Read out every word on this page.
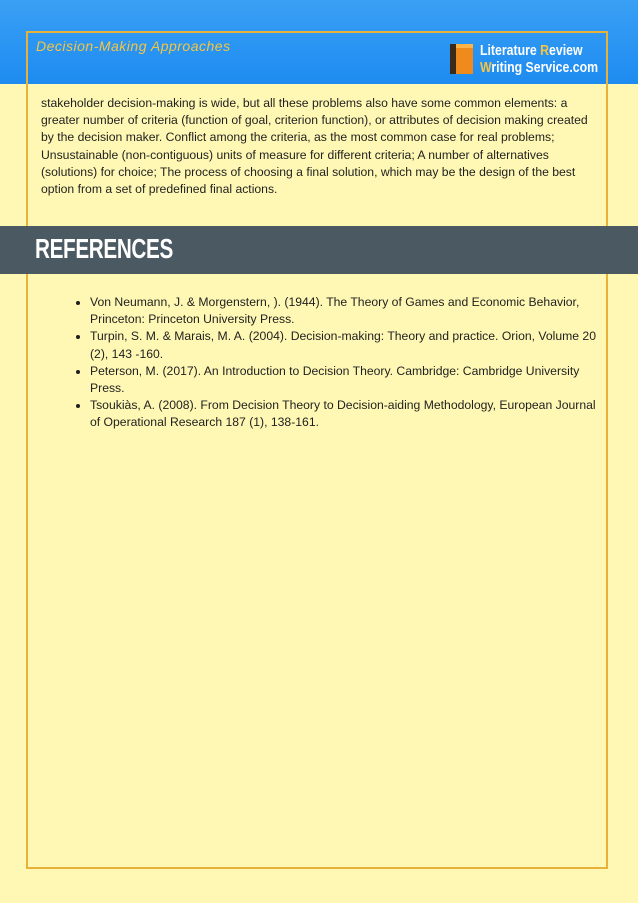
Decision-Making Approaches	Literature Review
Writing Service.com

stakeholder decision-making is wide, but all these problems also have some common elements: a greater number of criteria (function of goal, criterion function), or attributes of decision making created by the decision maker. Conflict among the criteria, as the most common case for real problems; Unsustainable (non-contiguous) units of measure for different criteria; A number of alternatives (solutions) for choice; The process of choosing a final solution, which may be the design of the best option from a set of predefined final actions.

REFERENCES
• Von Neumann, J. & Morgenstern, ). (1944). The Theory of Games and Economic Behavior, Princeton: Princeton University Press.
• Turpin, S. M. & Marais, M. A. (2004). Decision-making: Theory and practice. Orion, Volume 20 (2), 143 -160.
• Peterson, M. (2017). An Introduction to Decision Theory. Cambridge: Cambridge University Press.
• Tsoukiàs, A. (2008). From Decision Theory to Decision-aiding Methodology, European Journal of Operational Research 187 (1), 138-161.
